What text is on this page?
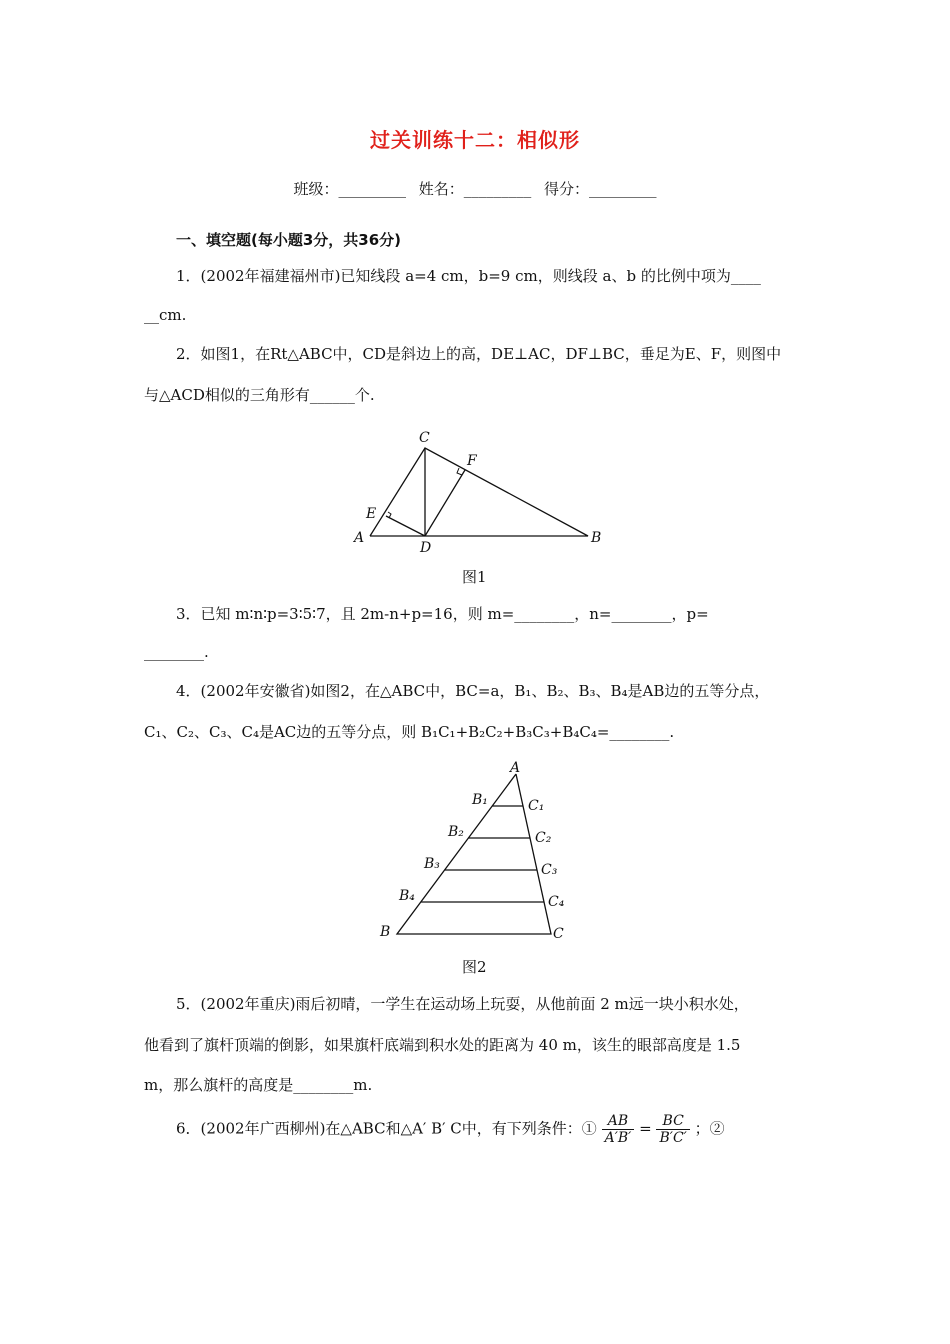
过关训练十二：相似形
班级：_________ 姓名：_________ 得分：_________
一、填空题(每小题3分，共36分)
1．(2002年福建福州市)已知线段 a=4 cm，b=9 cm，则线段 a、b 的比例中项为____
__cm.
2．如图1，在Rt△ABC中，CD是斜边上的高，DE⊥AC，DF⊥BC，垂足为E、F，则图中
与△ACD相似的三角形有______个.
C
F
E
A
D
B
图1
3．已知 m∶n∶p=3∶5∶7，且 2m-n+p=16，则 m=________，n=________，p=
________.
4．(2002年安徽省)如图2，在△ABC中，BC=a，B₁、B₂、B₃、B₄是AB边的五等分点，
C₁、C₂、C₃、C₄是AC边的五等分点，则 B₁C₁+B₂C₂+B₃C₃+B₄C₄=________.
A
B₁
B₂
B₃
B₄
B
C₁
C₂
C₃
C₄
C
图2
5．(2002年重庆)雨后初晴，一学生在运动场上玩耍，从他前面 2 m远一块小积水处，
他看到了旗杆顶端的倒影，如果旗杆底端到积水处的距离为 40 m，该生的眼部高度是 1.5
m，那么旗杆的高度是________m.
6．(2002年广西柳州)在△ABC和△A′ B′ C中，有下列条件：① $\frac{AB}{A'B'} = \frac{BC}{B'C'}$ ；②
